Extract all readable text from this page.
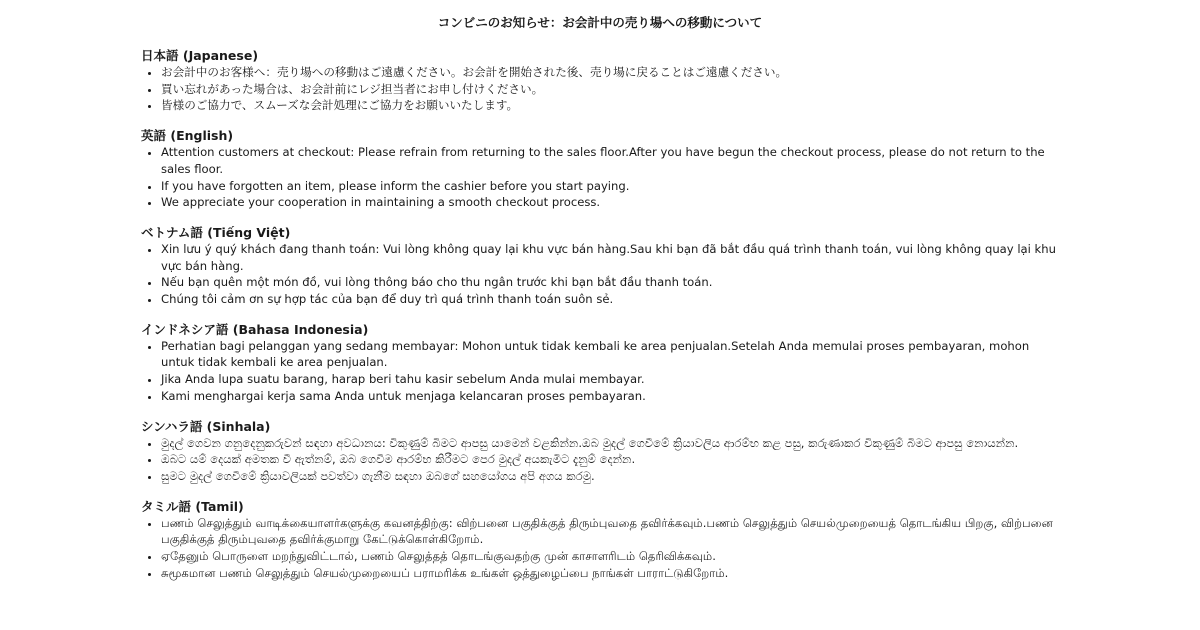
コンビニのお知らせ：お会計中の売り場への移動について
日本語 (Japanese)
• お会計中のお客様へ：売り場への移動はご遠慮ください。お会計を開始された後、売り場に戻ることはご遠慮ください。
• 買い忘れがあった場合は、お会計前にレジ担当者にお申し付けください。
• 皆様のご協力で、スムーズな会計処理にご協力をお願いいたします。
英語 (English)
• Attention customers at checkout: Please refrain from returning to the sales floor.After you have begun the checkout process, please do not return to the sales floor.
• If you have forgotten an item, please inform the cashier before you start paying.
• We appreciate your cooperation in maintaining a smooth checkout process.
ベトナム語 (Tiếng Việt)
• Xin lưu ý quý khách đang thanh toán: Vui lòng không quay lại khu vực bán hàng.Sau khi bạn đã bắt đầu quá trình thanh toán, vui lòng không quay lại khu vực bán hàng.
• Nếu bạn quên một món đồ, vui lòng thông báo cho thu ngân trước khi bạn bắt đầu thanh toán.
• Chúng tôi cảm ơn sự hợp tác của bạn để duy trì quá trình thanh toán suôn sẻ.
インドネシア語 (Bahasa Indonesia)
• Perhatian bagi pelanggan yang sedang membayar: Mohon untuk tidak kembali ke area penjualan.Setelah Anda memulai proses pembayaran, mohon untuk tidak kembali ke area penjualan.
• Jika Anda lupa suatu barang, harap beri tahu kasir sebelum Anda mulai membayar.
• Kami menghargai kerja sama Anda untuk menjaga kelancaran proses pembayaran.
シンハラ語 (Sinhala)
• මුදල් ගෙවන ගනුදෙනුකරුවන් සඳහා අවධානය: විකුණුම් බිමට ආපසු යාමෙන් වළකින්න.ඔබ මුදල් ගෙවීමේ ක්‍රියාවලිය ආරම්භ කළ පසු, කරුණාකර විකුණුම් බිමට ආපසු නොයන්න.
• ඔබට යම් දෙයක් අමතක වී ඇත්නම්, ඔබ ගෙවීම ආරම්භ කිරීමට පෙර මුදල් අයකැමිට දැනුම් දෙන්න.
• සුමට මුදල් ගෙවීමේ ක්‍රියාවලියක් පවත්වා ගැනීම සඳහා ඔබගේ සහයෝගය අපි අගය කරමු.
タミル語 (Tamil)
• பணம் செலுத்தும் வாடிக்கையாளர்களுக்கு கவனத்திற்கு: விற்பனை பகுதிக்குத் திரும்புவதை தவிர்க்கவும்.பணம் செலுத்தும் செயல்முறையைத் தொடங்கிய பிறகு, விற்பனை பகுதிக்குத் திரும்புவதை தவிர்க்குமாறு கேட்டுக்கொள்கிறோம்.
• ஏதேனும் பொருளை மறந்துவிட்டால், பணம் செலுத்தத் தொடங்குவதற்கு முன் காசாளரிடம் தெரிவிக்கவும்.
• சுமூகமான பணம் செலுத்தும் செயல்முறையைப் பராமரிக்க உங்கள் ஒத்துழைப்பை நாங்கள் பாராட்டுகிறோம்.
